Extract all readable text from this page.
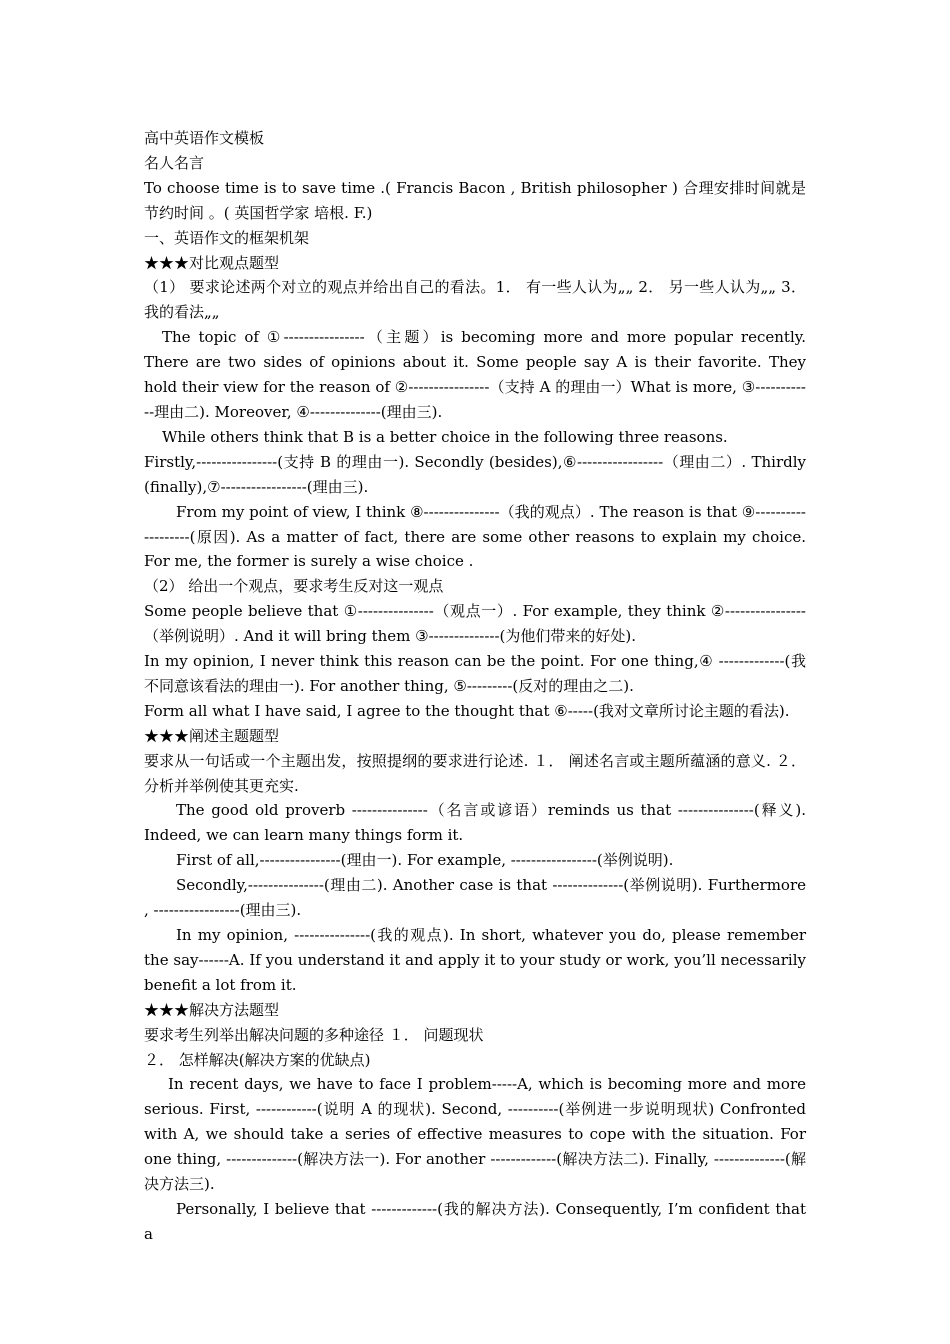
高中英语作文模板

名人名言

To choose time is to save time .( Francis Bacon , British philosopher ) 合理安排时间就是节约时间 。( 英国哲学家 培根. F.)

一、英语作文的框架机架

★★★对比观点题型

（1） 要求论述两个对立的观点并给出自己的看法。1． 有一些人认为„„ 2． 另一些人认为„„ 3． 我的看法„„

The topic of ①----------------（主题）is becoming more and more popular recently. There are two sides of opinions about it. Some people say A is their favorite. They hold their view for the reason of ②----------------（支持 A 的理由一）What is more, ③------------理由二). Moreover, ④--------------(理由三).

While others think that B is a better choice in the following three reasons.

Firstly,----------------(支持 B 的理由一). Secondly (besides),⑥-----------------（理由二）. Thirdly (finally),⑦-----------------(理由三).

From my point of view, I think ⑧---------------（我的观点）. The reason is that ⑨-------------------(原因). As a matter of fact, there are some other reasons to explain my choice. For me, the former is surely a wise choice .

（2） 给出一个观点，要求考生反对这一观点

Some people believe that ①---------------（观点一）. For example, they think ②----------------（举例说明）. And it will bring them ③--------------(为他们带来的好处).

In my opinion, I never think this reason can be the point. For one thing,④ -------------(我不同意该看法的理由一). For another thing, ⑤---------(反对的理由之二).

Form all what I have said, I agree to the thought that ⑥-----(我对文章所讨论主题的看法).

★★★阐述主题题型

要求从一句话或一个主题出发，按照提纲的要求进行论述. １． 阐述名言或主题所蕴涵的意义. ２． 分析并举例使其更充实.

The good old proverb ---------------（名言或谚语）reminds us that ---------------(释义). Indeed, we can learn many things form it.

First of all,----------------(理由一). For example, -----------------(举例说明).

Secondly,---------------(理由二). Another case is that --------------(举例说明). Furthermore , -----------------(理由三).

In my opinion, ---------------(我的观点). In short, whatever you do, please remember the say------A. If you understand it and apply it to your study or work, you’ll necessarily benefit a lot from it.

★★★解决方法题型

要求考生列举出解决问题的多种途径 １． 问题现状

２． 怎样解决(解决方案的优缺点)

In recent days, we have to face I problem-----A, which is becoming more and more serious. First, ------------(说明 A 的现状). Second, ----------(举例进一步说明现状) Confronted with A, we should take a series of effective measures to cope with the situation. For one thing, --------------(解决方法一). For another -------------(解决方法二). Finally, --------------(解决方法三).

Personally, I believe that -------------(我的解决方法). Consequently, I’m confident that a
